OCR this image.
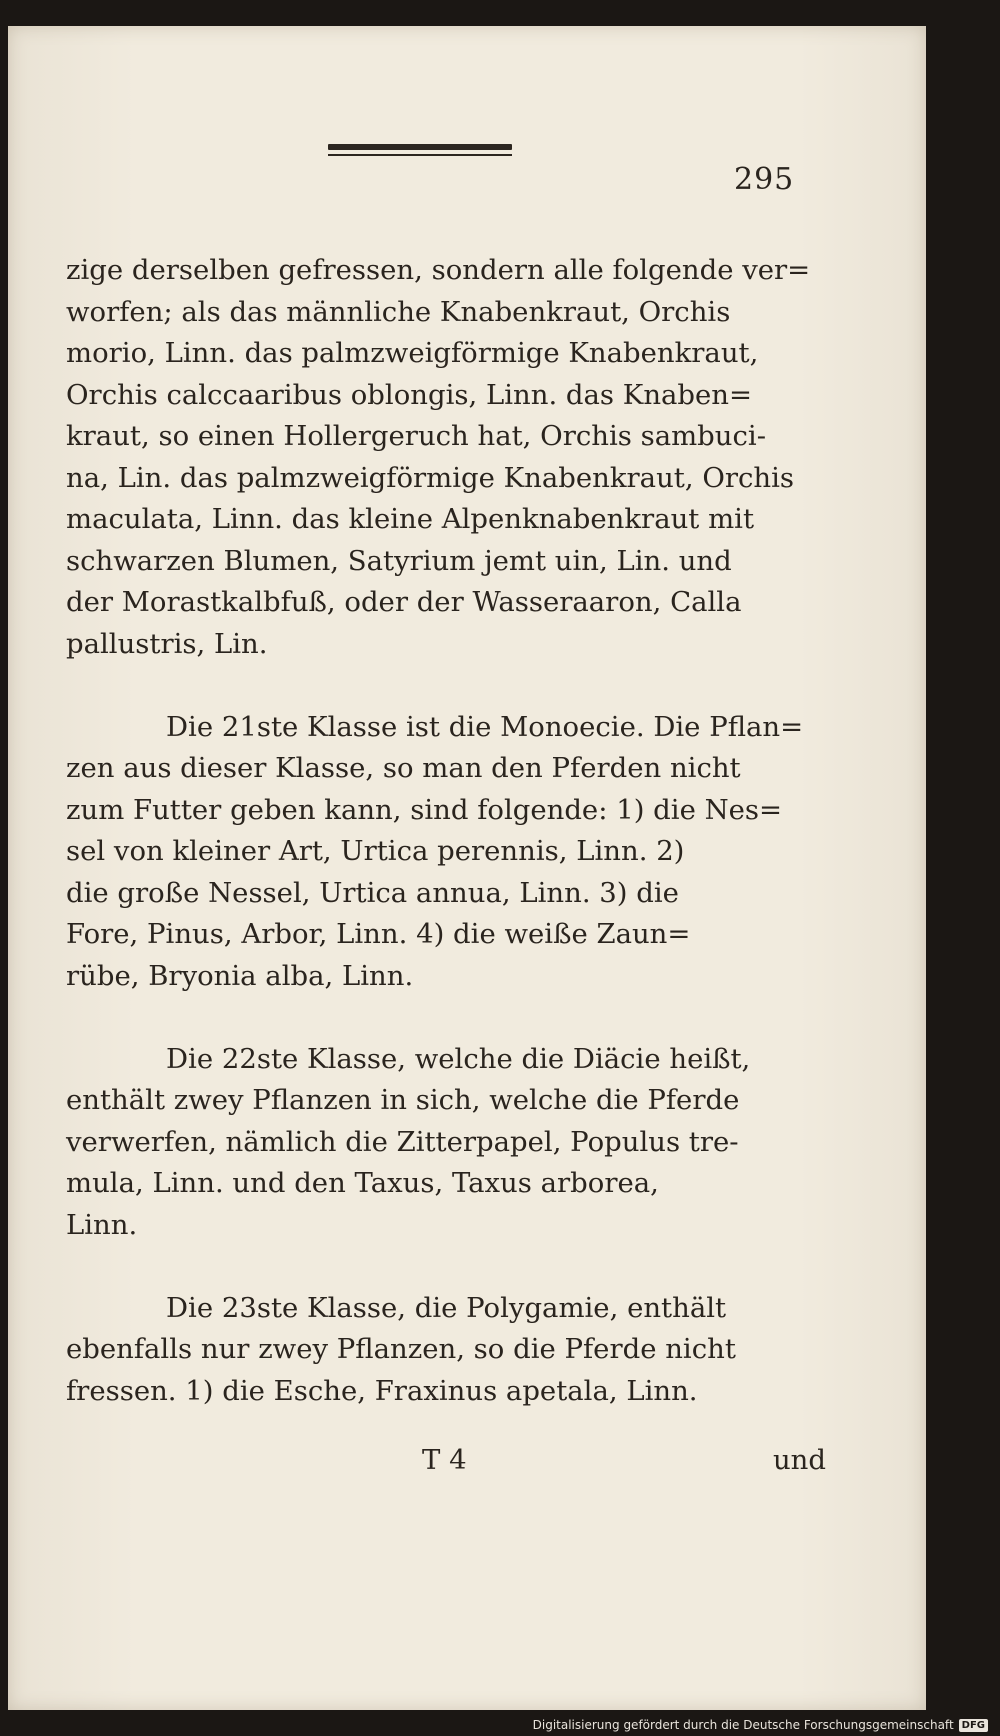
295
zige derselben gefressen, sondern alle folgende ver=
worfen; als das männliche Knabenkraut, Orchis
morio, Linn. das palmzweigförmige Knabenkraut,
Orchis calccaaribus oblongis, Linn. das Knaben=
kraut, so einen Hollergeruch hat, Orchis sambuci-
na, Lin. das palmzweigförmige Knabenkraut, Orchis
maculata, Linn. das kleine Alpenknabenkraut mit
schwarzen Blumen, Satyrium jemt uin, Lin. und
der Morastkalbfuß, oder der Wasseraaron, Calla
pallustris, Lin.
Die 21ste Klasse ist die Monoecie. Die Pflan=
zen aus dieser Klasse, so man den Pferden nicht
zum Futter geben kann, sind folgende: 1) die Nes=
sel von kleiner Art, Urtica perennis, Linn. 2)
die große Nessel, Urtica annua, Linn. 3) die
Fore, Pinus, Arbor, Linn. 4) die weiße Zaun=
rübe, Bryonia alba, Linn.
Die 22ste Klasse, welche die Diäcie heißt,
enthält zwey Pflanzen in sich, welche die Pferde
verwerfen, nämlich die Zitterpapel, Populus tre-
mula, Linn. und den Taxus, Taxus arborea,
Linn.
Die 23ste Klasse, die Polygamie, enthält
ebenfalls nur zwey Pflanzen, so die Pferde nicht
fressen. 1) die Esche, Fraxinus apetala, Linn.
T 4	und
Digitalisierung gefördert durch die Deutsche Forschungsgemeinschaft DFG
